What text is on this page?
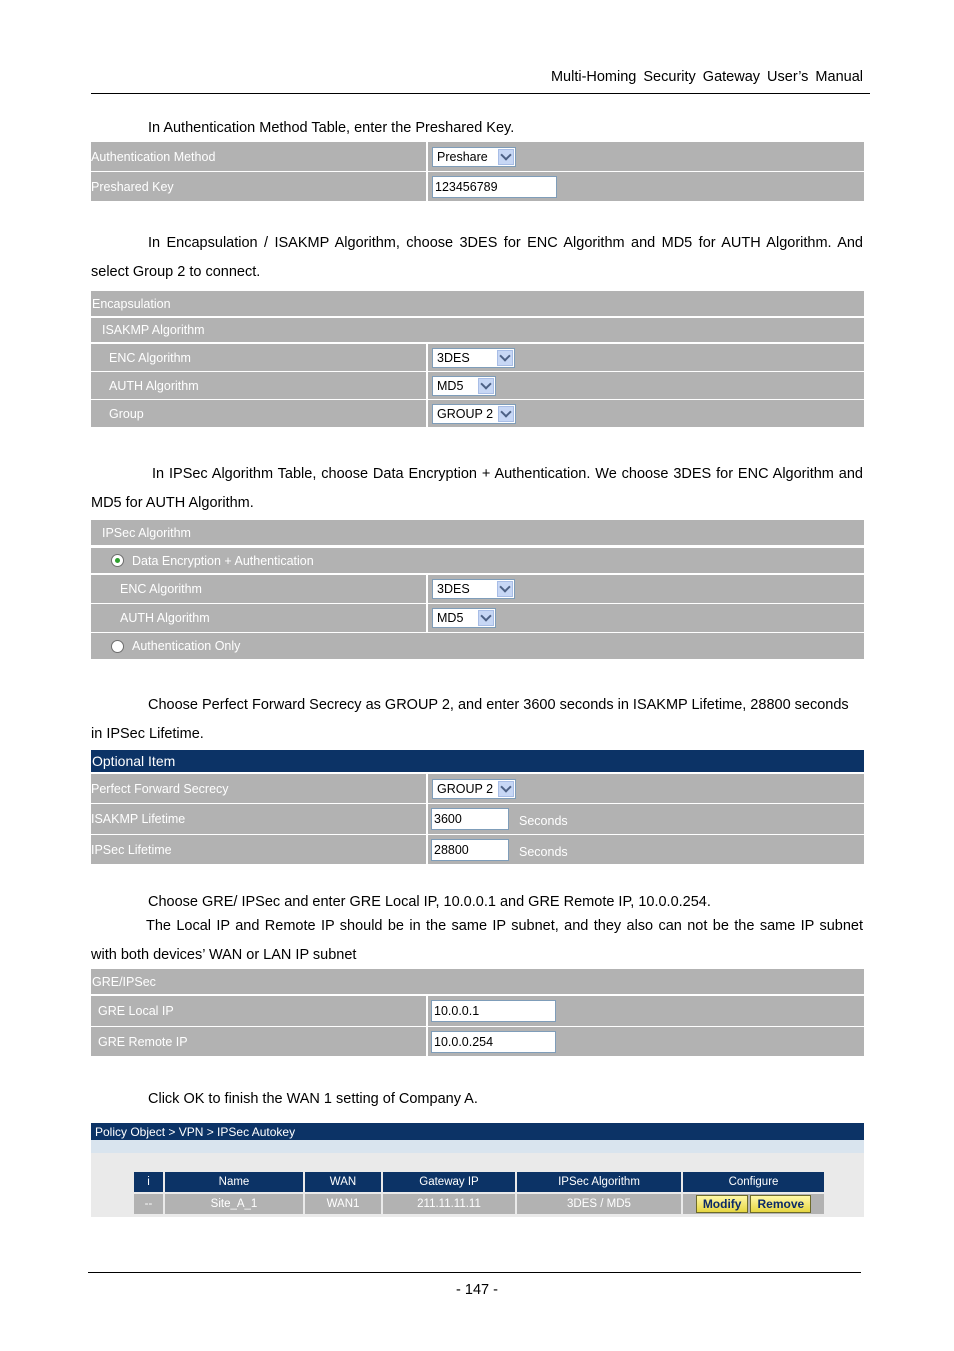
Multi-Homing Security Gateway User’s Manual
In Authentication Method Table, enter the Preshared Key.
Authentication Method	Preshare
Preshared Key	123456789
In Encapsulation / ISAKMP Algorithm, choose 3DES for ENC Algorithm and MD5 for AUTH Algorithm. And select Group 2 to connect.
Encapsulation
ISAKMP Algorithm
ENC Algorithm	3DES
AUTH Algorithm	MD5
Group	GROUP 2
In IPSec Algorithm Table, choose Data Encryption + Authentication. We choose 3DES for ENC Algorithm and MD5 for AUTH Algorithm.
IPSec Algorithm
Data Encryption + Authentication
ENC Algorithm	3DES
AUTH Algorithm	MD5
Authentication Only
Choose Perfect Forward Secrecy as GROUP 2, and enter 3600 seconds in ISAKMP Lifetime, 28800 seconds in IPSec Lifetime.
Optional Item
Perfect Forward Secrecy	GROUP 2
ISAKMP Lifetime	3600	Seconds
IPSec Lifetime	28800	Seconds
Choose GRE/ IPSec and enter GRE Local IP, 10.0.0.1 and GRE Remote IP, 10.0.0.254.
The Local IP and Remote IP should be in the same IP subnet, and they also can not be the same IP subnet with both devices’ WAN or LAN IP subnet
GRE/IPSec
GRE Local IP	10.0.0.1
GRE Remote IP	10.0.0.254
Click OK to finish the WAN 1 setting of Company A.
Policy Object > VPN > IPSec Autokey
i	Name	WAN	Gateway IP	IPSec Algorithm	Configure
--	Site_A_1	WAN1	211.11.11.11	3DES / MD5	Modify	Remove
- 147 -
